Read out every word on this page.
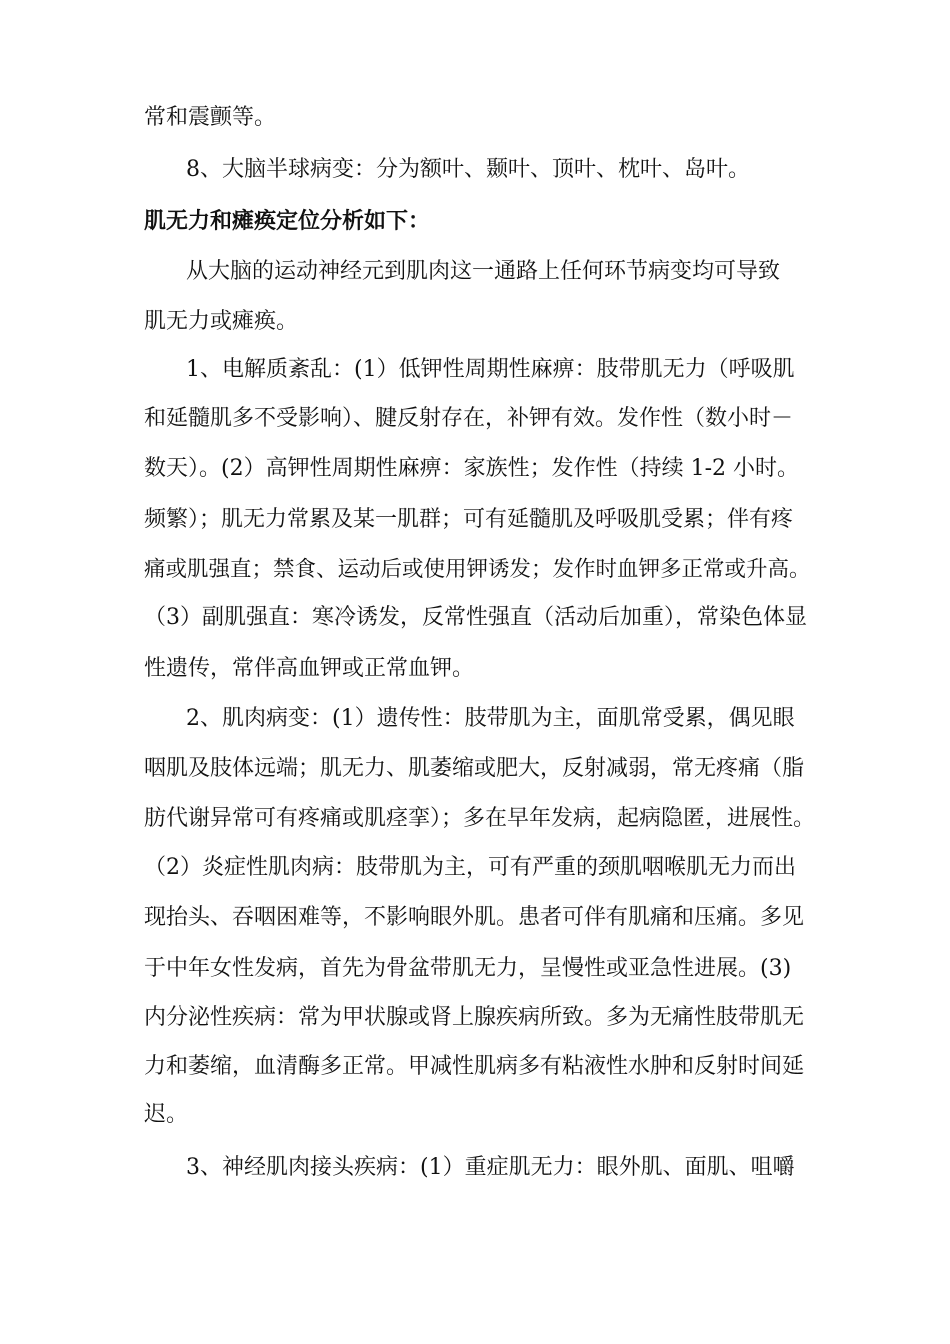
常和震颤等。
8、大脑半球病变：分为额叶、颞叶、顶叶、枕叶、岛叶。
肌无力和瘫痪定位分析如下：
从大脑的运动神经元到肌肉这一通路上任何环节病变均可导致
肌无力或瘫痪。
1、电解质紊乱：(1）低钾性周期性麻痹：肢带肌无力（呼吸肌
和延髓肌多不受影响）、腱反射存在，补钾有效。发作性（数小时－
数天）。(2）高钾性周期性麻痹：家族性；发作性（持续 1-2 小时。
频繁）；肌无力常累及某一肌群；可有延髓肌及呼吸肌受累；伴有疼
痛或肌强直；禁食、运动后或使用钾诱发；发作时血钾多正常或升高。
（3）副肌强直：寒冷诱发，反常性强直（活动后加重），常染色体显
性遗传，常伴高血钾或正常血钾。
2、肌肉病变：(1）遗传性：肢带肌为主，面肌常受累，偶见眼
咽肌及肢体远端；肌无力、肌萎缩或肥大，反射减弱，常无疼痛（脂
肪代谢异常可有疼痛或肌痉挛）；多在早年发病，起病隐匿，进展性。
（2）炎症性肌肉病：肢带肌为主，可有严重的颈肌咽喉肌无力而出
现抬头、吞咽困难等，不影响眼外肌。患者可伴有肌痛和压痛。多见
于中年女性发病，首先为骨盆带肌无力，呈慢性或亚急性进展。(3)
内分泌性疾病：常为甲状腺或肾上腺疾病所致。多为无痛性肢带肌无
力和萎缩，血清酶多正常。甲减性肌病多有粘液性水肿和反射时间延
迟。
3、神经肌肉接头疾病：(1）重症肌无力：眼外肌、面肌、咀嚼
